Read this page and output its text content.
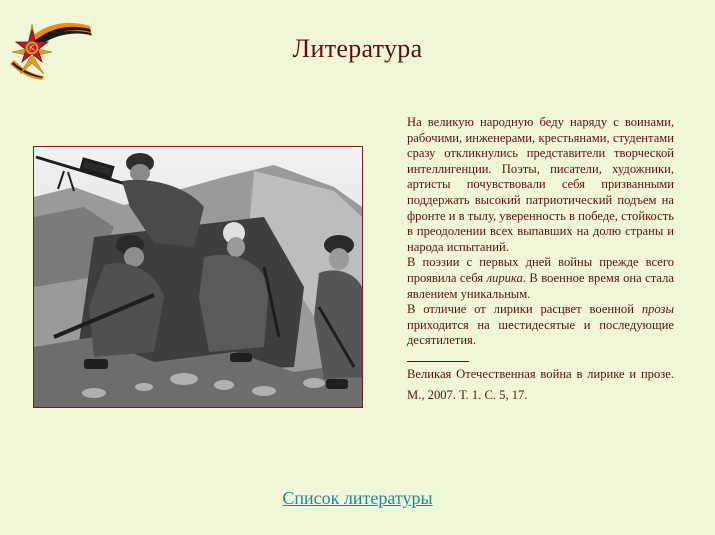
Литература

На великую народную беду наряду с воинами, рабочими, инженерами, крестьянами, студентами сразу откликнулись представители творческой интеллигенции. Поэты, писатели, художники, артисты почувствовали себя призванными поддержать высокий патриотический подъем на фронте и в тылу, уверенность в победе, стойкость в преодолении всех выпавших на долю страны и народа испытаний.

В поэзии с первых дней войны прежде всего проявила себя лирика. В военное время она стала явлением уникальным.

В отличие от лирики расцвет военной прозы приходится на шестидесятые и последующие десятилетия.

Великая Отечественная война в лирике и прозе. М., 2007. Т. 1. С. 5, 17.

Список литературы
